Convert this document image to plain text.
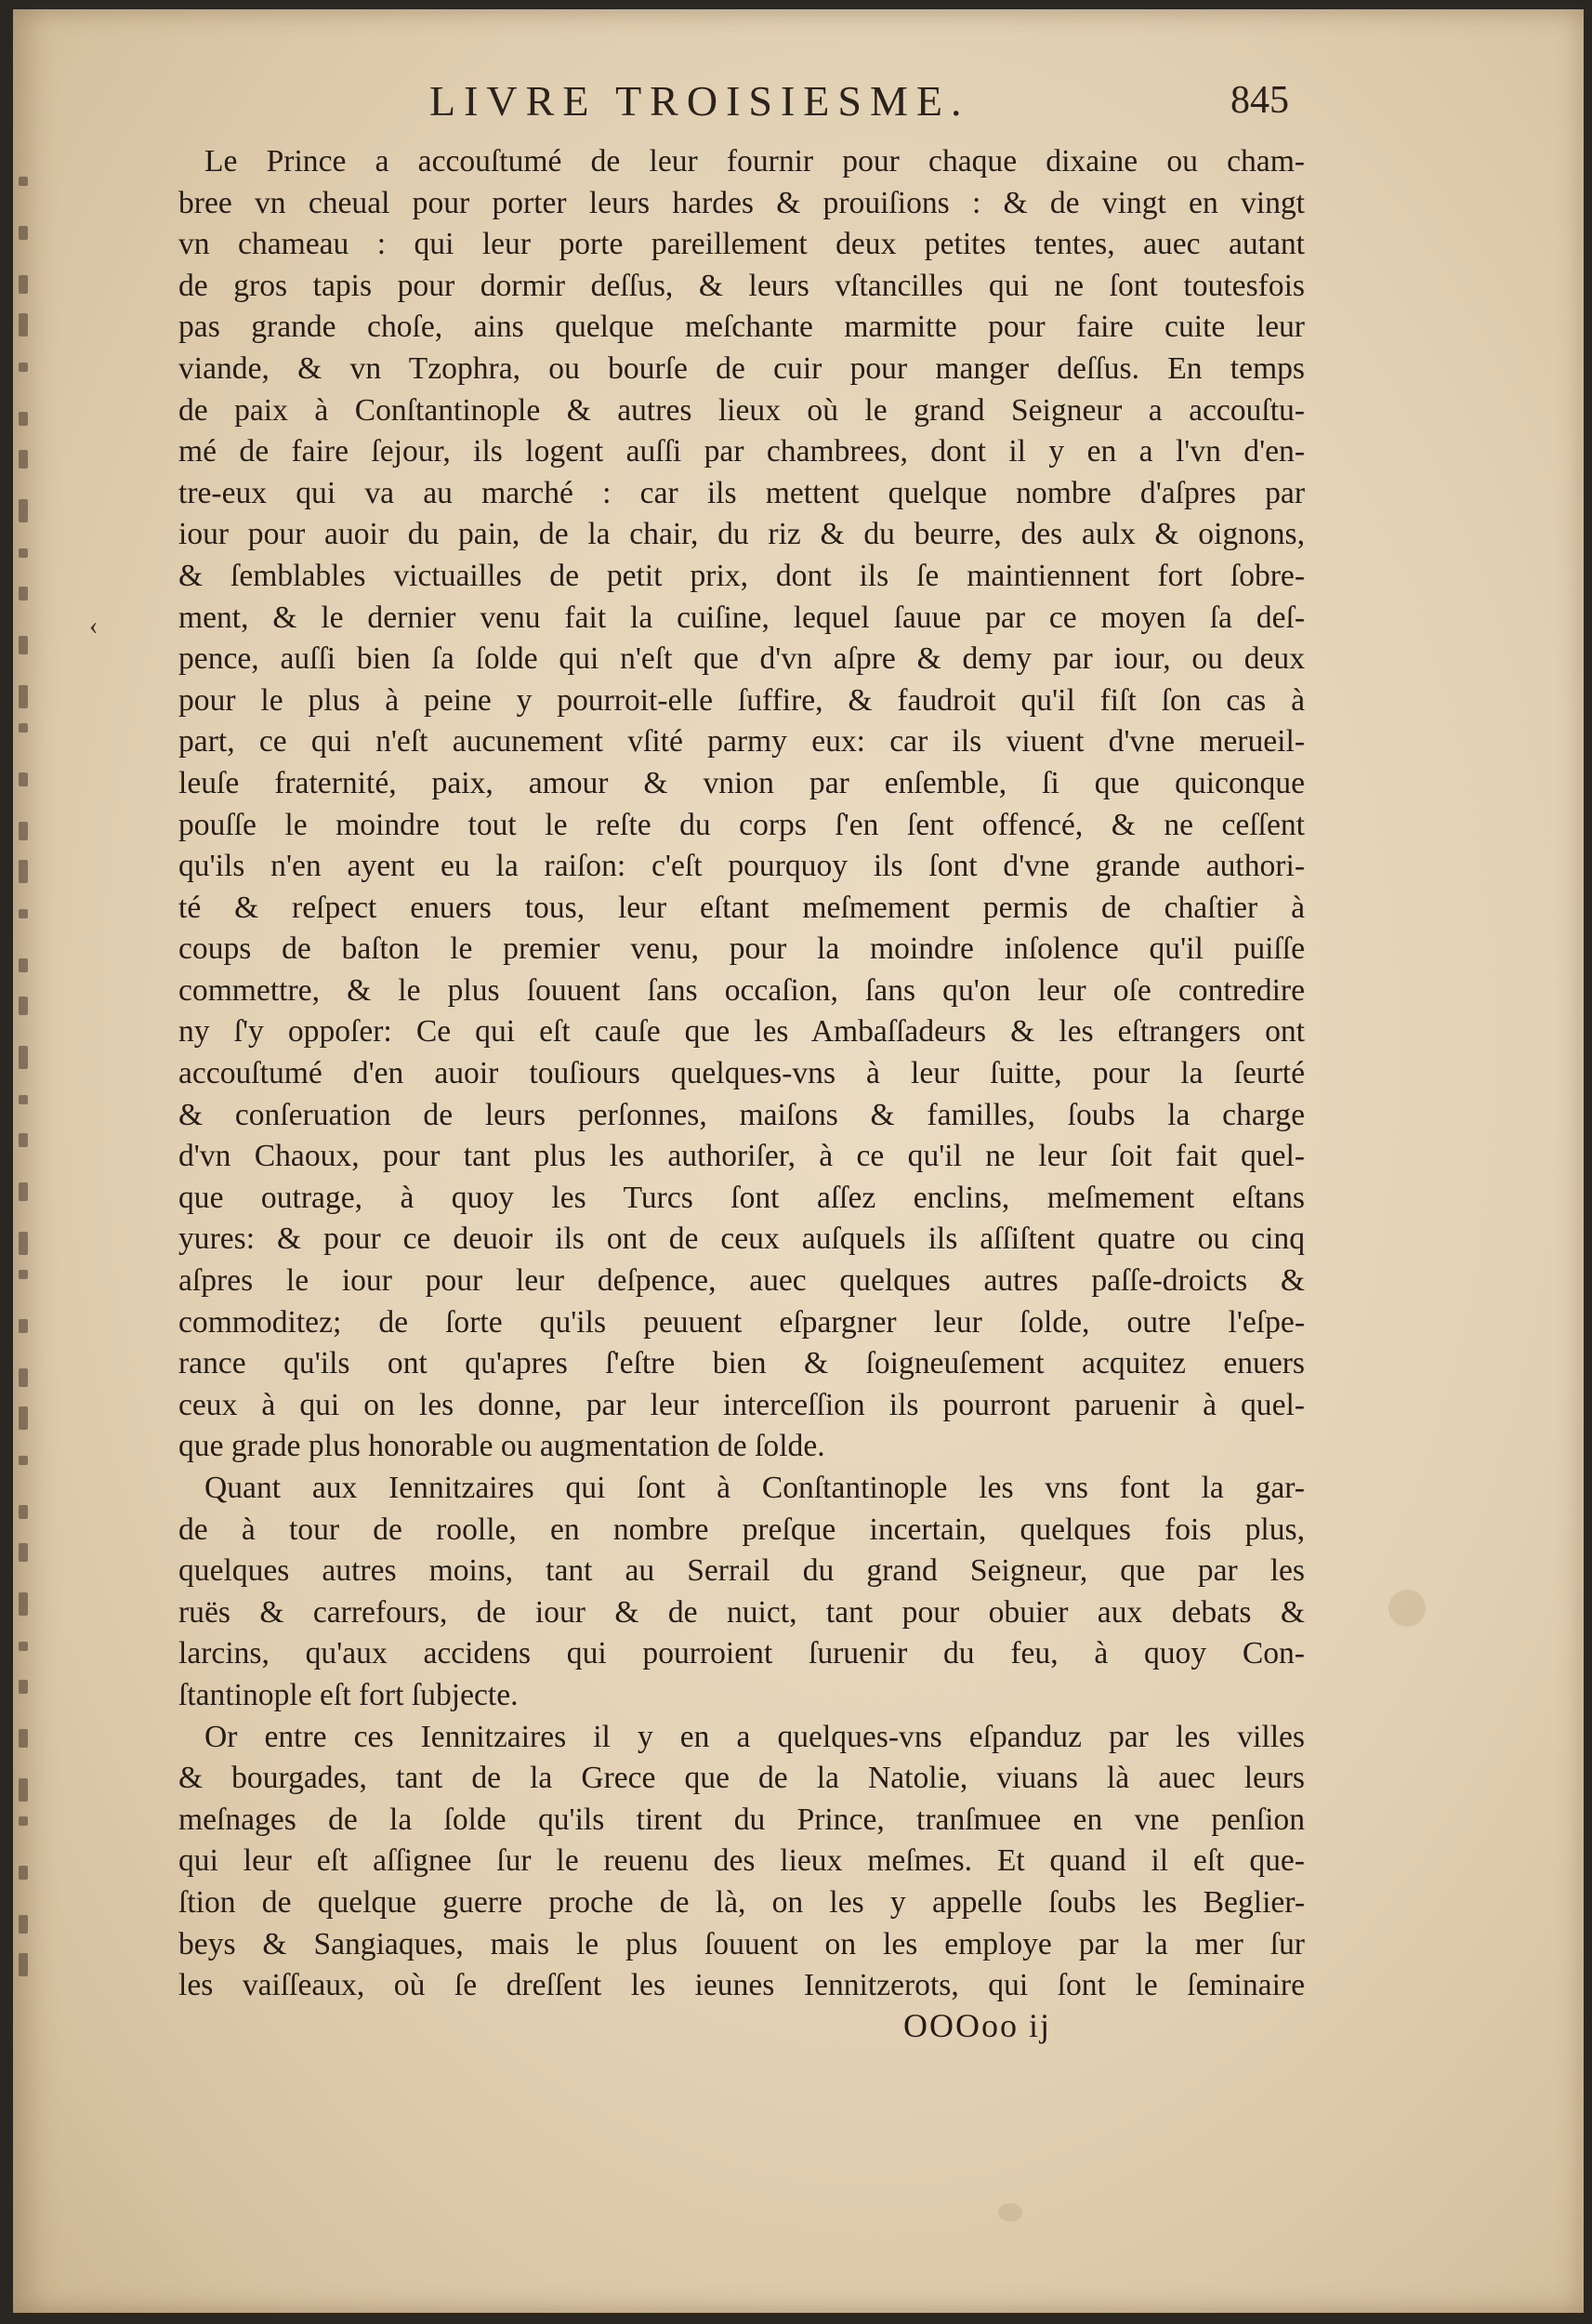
LIVRE TROISIESME.	845
‹
Le Prince a accouſtumé de leur fournir pour chaque dixaine ou cham-
bree vn cheual pour porter leurs hardes & prouiſions : & de vingt en vingt
vn chameau : qui leur porte pareillement deux petites tentes, auec autant
de gros tapis pour dormir deſſus, & leurs vſtancilles qui ne ſont toutesfois
pas grande choſe, ains quelque meſchante marmitte pour faire cuite leur
viande, & vn Tzophra, ou bourſe de cuir pour manger deſſus. En temps
de paix à Conſtantinople & autres lieux où le grand Seigneur a accouſtu-
mé de faire ſejour, ils logent auſſi par chambrees, dont il y en a l'vn d'en-
tre-eux qui va au marché : car ils mettent quelque nombre d'aſpres par
iour pour auoir du pain, de la chair, du riz & du beurre, des aulx & oignons,
& ſemblables victuailles de petit prix, dont ils ſe maintiennent fort ſobre-
ment, & le dernier venu fait la cuiſine, lequel ſauue par ce moyen ſa deſ-
pence, auſſi bien ſa ſolde qui n'eſt que d'vn aſpre & demy par iour, ou deux
pour le plus à peine y pourroit-elle ſuffire, & faudroit qu'il fiſt ſon cas à
part, ce qui n'eſt aucunement vſité parmy eux: car ils viuent d'vne merueil-
leuſe fraternité, paix, amour & vnion par enſemble, ſi que quiconque
pouſſe le moindre tout le reſte du corps ſ'en ſent offencé, & ne ceſſent
qu'ils n'en ayent eu la raiſon: c'eſt pourquoy ils ſont d'vne grande authori-
té & reſpect enuers tous, leur eſtant meſmement permis de chaſtier à
coups de baſton le premier venu, pour la moindre inſolence qu'il puiſſe
commettre, & le plus ſouuent ſans occaſion, ſans qu'on leur oſe contredire
ny ſ'y oppoſer: Ce qui eſt cauſe que les Ambaſſadeurs & les eſtrangers ont
accouſtumé d'en auoir touſiours quelques-vns à leur ſuitte, pour la ſeurté
& conſeruation de leurs perſonnes, maiſons & familles, ſoubs la charge
d'vn Chaoux, pour tant plus les authoriſer, à ce qu'il ne leur ſoit fait quel-
que outrage, à quoy les Turcs ſont aſſez enclins, meſmement eſtans
yures: & pour ce deuoir ils ont de ceux auſquels ils aſſiſtent quatre ou cinq
aſpres le iour pour leur deſpence, auec quelques autres paſſe-droicts &
commoditez; de ſorte qu'ils peuuent eſpargner leur ſolde, outre l'eſpe-
rance qu'ils ont qu'apres ſ'eſtre bien & ſoigneuſement acquitez enuers
ceux à qui on les donne, par leur interceſſion ils pourront paruenir à quel-
que grade plus honorable ou augmentation de ſolde.
Quant aux Iennitzaires qui ſont à Conſtantinople les vns font la gar-
de à tour de roolle, en nombre preſque incertain, quelques fois plus,
quelques autres moins, tant au Serrail du grand Seigneur, que par les
ruës & carrefours, de iour & de nuict, tant pour obuier aux debats &
larcins, qu'aux accidens qui pourroient ſuruenir du feu, à quoy Con-
ſtantinople eſt fort ſubjecte.
Or entre ces Iennitzaires il y en a quelques-vns eſpanduz par les villes
& bourgades, tant de la Grece que de la Natolie, viuans là auec leurs
meſnages de la ſolde qu'ils tirent du Prince, tranſmuee en vne penſion
qui leur eſt aſſignee ſur le reuenu des lieux meſmes. Et quand il eſt que-
ſtion de quelque guerre proche de là, on les y appelle ſoubs les Beglier-
beys & Sangiaques, mais le plus ſouuent on les employe par la mer ſur
les vaiſſeaux, où ſe dreſſent les ieunes Iennitzerots, qui ſont le ſeminaire
OOOoo ij
